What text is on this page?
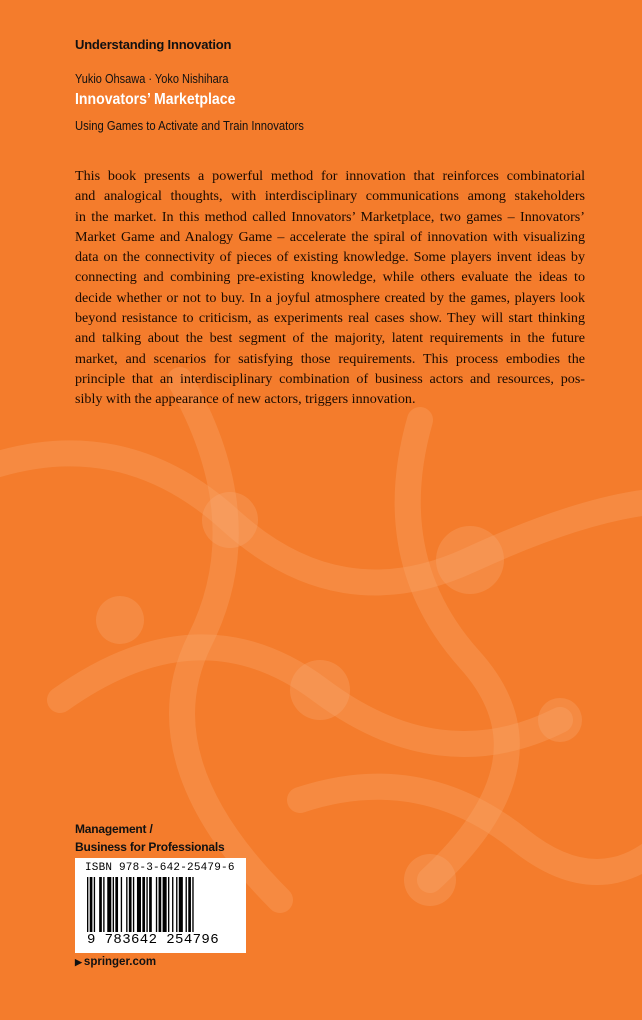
Understanding Innovation
Yukio Ohsawa · Yoko Nishihara
Innovators’ Marketplace
Using Games to Activate and Train Innovators
This book presents a powerful method for innovation that reinforces combinatorial
and analogical thoughts, with interdisciplinary communications among stakeholders
in the market. In this method called Innovators’ Marketplace, two games – Innovators’
Market Game and Analogy Game – accelerate the spiral of innovation with visualizing
data on the connectivity of pieces of existing knowledge. Some players invent ideas by
connecting and combining pre-existing knowledge, while others evaluate the ideas to
decide whether or not to buy. In a joyful atmosphere created by the games, players look
beyond resistance to criticism, as experiments real cases show. They will start thinking
and talking about the best segment of the majority, latent requirements in the future
market, and scenarios for satisfying those requirements. This process embodies the
principle that an interdisciplinary combination of business actors and resources, pos-
sibly with the appearance of new actors, triggers innovation.
Management /
Business for Professionals
ISBN 978-3-642-25479-6
9 783642 254796
▶ springer.com
